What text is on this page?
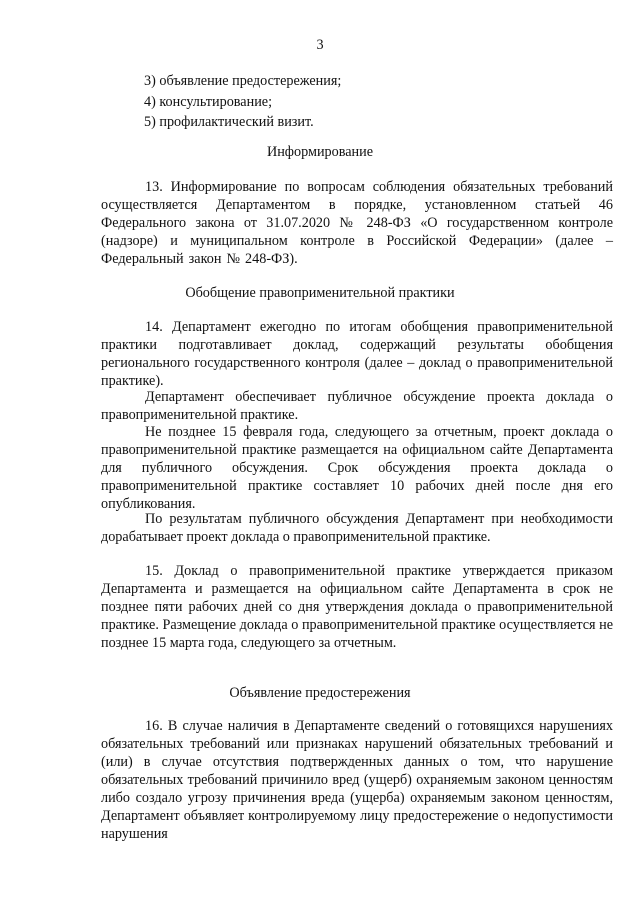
3
3) объявление предостережения;
4) консультирование;
5) профилактический визит.
Информирование
13. Информирование по вопросам соблюдения обязательных требований осуществляется Департаментом в порядке, установленном статьей 46 Федерального закона от 31.07.2020 № 248-ФЗ «О государственном контроле (надзоре) и муниципальном контроле в Российской Федерации» (далее – Федеральный закон № 248-ФЗ).
Обобщение правоприменительной практики
14. Департамент ежегодно по итогам обобщения правоприменительной практики подготавливает доклад, содержащий результаты обобщения регионального государственного контроля (далее – доклад о правоприменительной практике).
Департамент обеспечивает публичное обсуждение проекта доклада о правоприменительной практике.
Не позднее 15 февраля года, следующего за отчетным, проект доклада о правоприменительной практике размещается на официальном сайте Департамента для публичного обсуждения. Срок обсуждения проекта доклада о правоприменительной практике составляет 10 рабочих дней после дня его опубликования.
По результатам публичного обсуждения Департамент при необходимости дорабатывает проект доклада о правоприменительной практике.
15. Доклад о правоприменительной практике утверждается приказом Департамента и размещается на официальном сайте Департамента в срок не позднее пяти рабочих дней со дня утверждения доклада о правоприменительной практике. Размещение доклада о правоприменительной практике осуществляется не позднее 15 марта года, следующего за отчетным.
Объявление предостережения
16. В случае наличия в Департаменте сведений о готовящихся нарушениях обязательных требований или признаках нарушений обязательных требований и (или) в случае отсутствия подтвержденных данных о том, что нарушение обязательных требований причинило вред (ущерб) охраняемым законом ценностям либо создало угрозу причинения вреда (ущерба) охраняемым законом ценностям, Департамент объявляет контролируемому лицу предостережение о недопустимости нарушения
